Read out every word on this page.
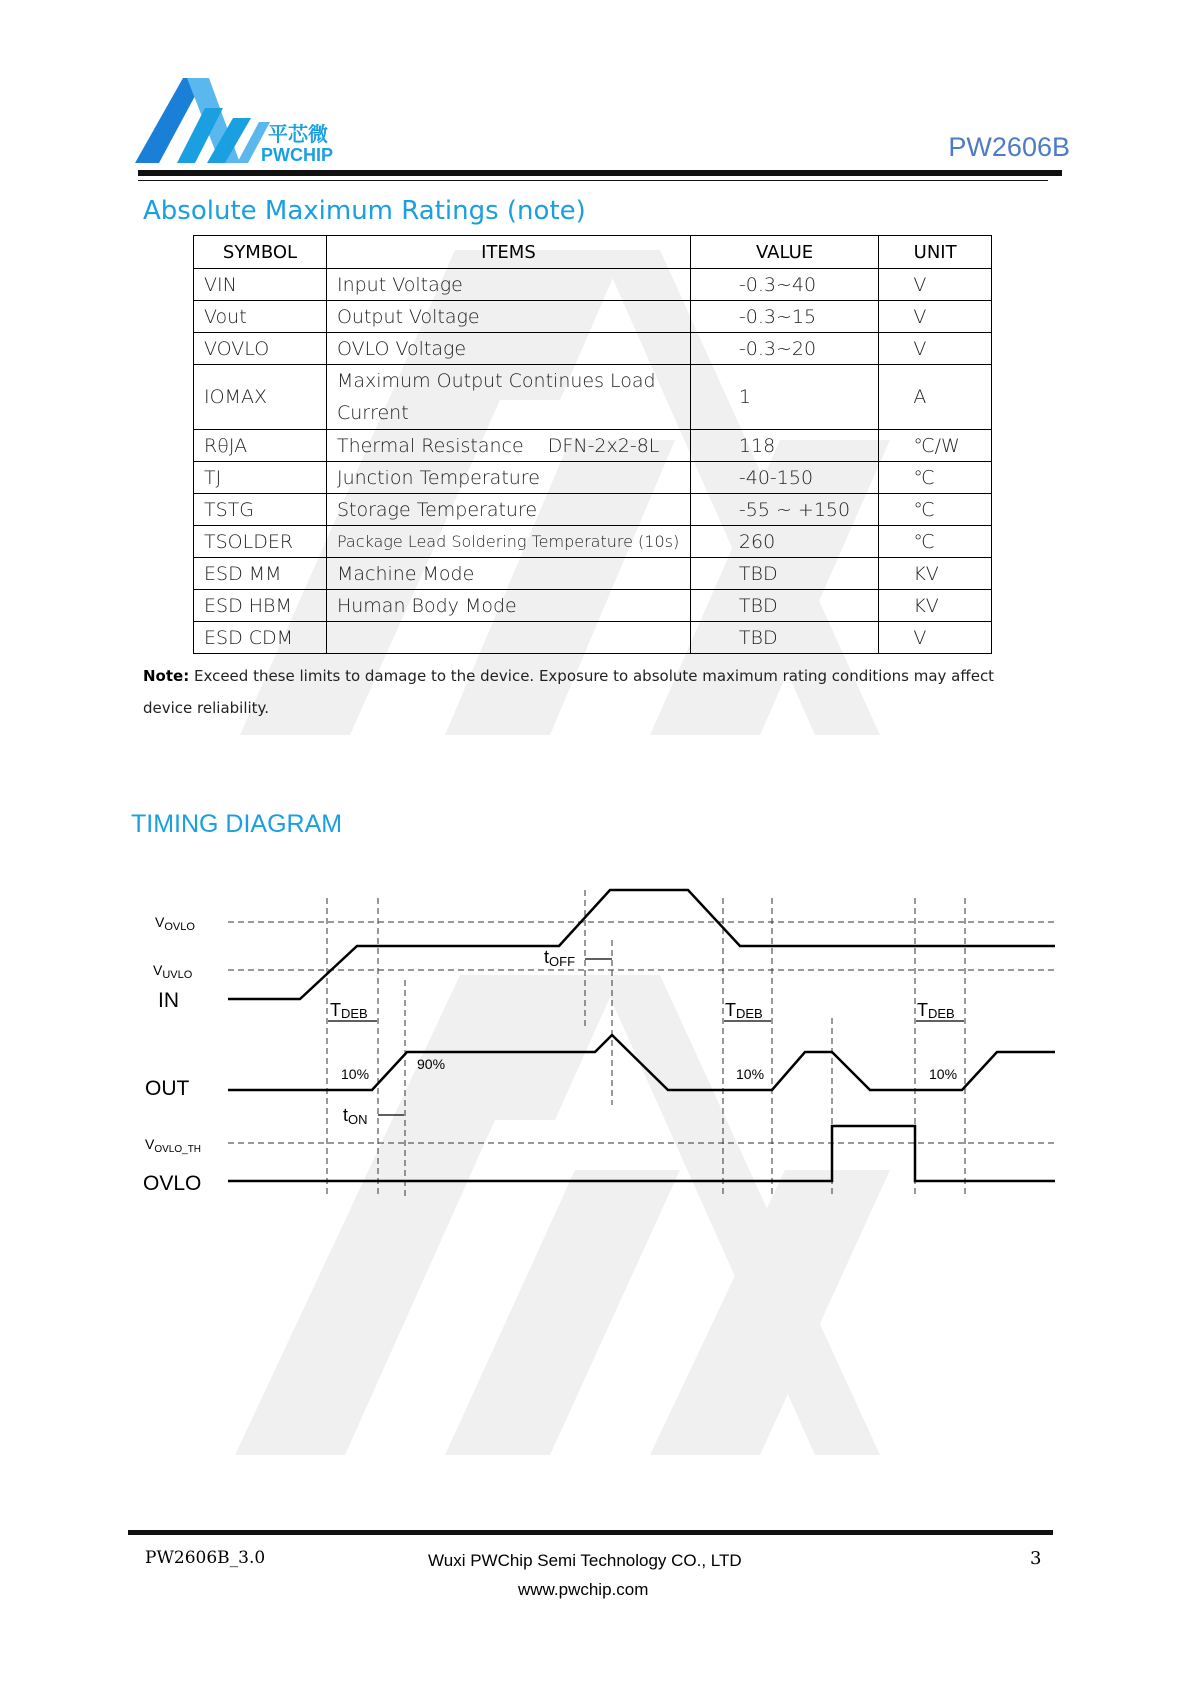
平芯微
PWCHIP	PW2606B
Absolute Maximum Ratings (note)
SYMBOL	ITEMS	VALUE	UNIT
VIN	Input Voltage	-0.3~40	V
Vout	Output Voltage	-0.3~15	V
VOVLO	OVLO Voltage	-0.3~20	V
IOMAX	Maximum Output Continues Load Current	1	A
RθJA	Thermal Resistance    DFN-2x2-8L	118	℃/W
TJ	Junction Temperature	-40-150	℃
TSTG	Storage Temperature	-55 ~ +150	℃
TSOLDER	Package Lead Soldering Temperature (10s)	260	℃
ESD MM	Machine Mode	TBD	KV
ESD HBM	Human Body Mode	TBD	KV
ESD CDM		TBD	V
Note: Exceed these limits to damage to the device. Exposure to absolute maximum rating conditions may affect device reliability.
TIMING DIAGRAM
$V_{OVLO}$
$V_{UVLO}$
$V_{OVLO\_TH}$
IN
OUT
OVLO
TDEB	TDEB	TDEB
tOFF
tON
10%
90%
10%	10%
PW2606B_3.0	Wuxi PWChip Semi Technology CO., LTD
www.pwchip.com
3
